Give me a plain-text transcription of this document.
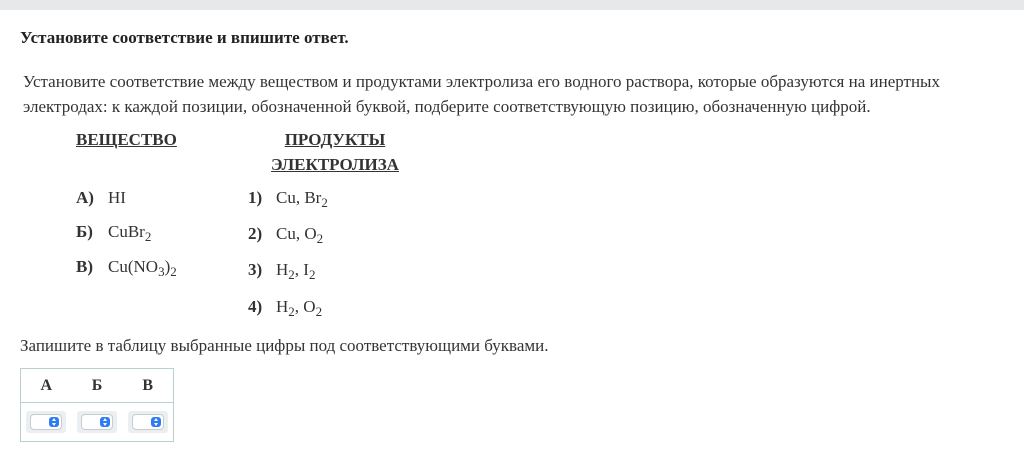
Установите соответствие и впишите ответ.
Установите соответствие между веществом и продуктами электролиза его водного раствора, которые образуются на инертных
электродах: к каждой позиции, обозначенной буквой, подберите соответствующую позицию, обозначенную цифрой.
ВЕЩЕСТВО	ПРОДУКТЫ
ЭЛЕКТРОЛИЗА
А) HI
Б) CuBr$_2$
В) $Cu(NO_3)_2$
1) Cu, $Br_2$
2) Cu, $O_2$
3) $H_2$, $I_2$
4) $H_2$, $O_2$
Запишите в таблицу выбранные цифры под соответствующими буквами.
А	Б	В
